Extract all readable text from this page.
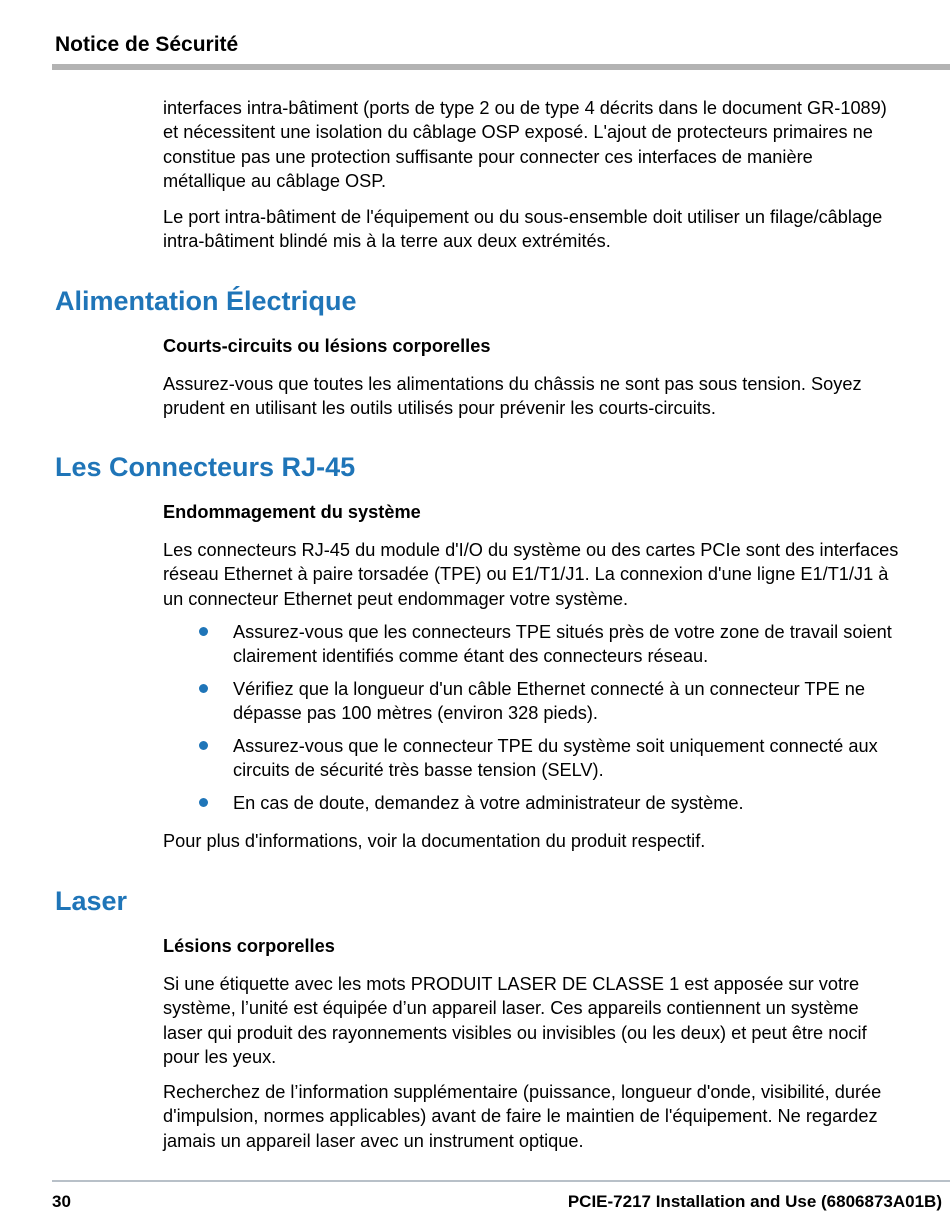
Notice de Sécurité

interfaces intra-bâtiment (ports de type 2 ou de type 4 décrits dans le document GR-1089)
et nécessitent une isolation du câblage OSP exposé. L'ajout de protecteurs primaires ne
constitue pas une protection suffisante pour connecter ces interfaces de manière
métallique au câblage OSP.

Le port intra-bâtiment de l'équipement ou du sous-ensemble doit utiliser un filage/câblage
intra-bâtiment blindé mis à la terre aux deux extrémités.

Alimentation Électrique
Courts-circuits ou lésions corporelles

Assurez-vous que toutes les alimentations du châssis ne sont pas sous tension. Soyez
prudent en utilisant les outils utilisés pour prévenir les courts-circuits.

Les Connecteurs RJ-45
Endommagement du système

Les connecteurs RJ-45 du module d'I/O du système ou des cartes PCIe sont des interfaces
réseau Ethernet à paire torsadée (TPE) ou E1/T1/J1. La connexion d'une ligne E1/T1/J1 à
un connecteur Ethernet peut endommager votre système.

Assurez-vous que les connecteurs TPE situés près de votre zone de travail soient
clairement identifiés comme étant des connecteurs réseau.

Vérifiez que la longueur d'un câble Ethernet connecté à un connecteur TPE ne
dépasse pas 100 mètres (environ 328 pieds).

Assurez-vous que le connecteur TPE du système soit uniquement connecté aux
circuits de sécurité très basse tension (SELV).

En cas de doute, demandez à votre administrateur de système.

Pour plus d'informations, voir la documentation du produit respectif.

Laser
Lésions corporelles

Si une étiquette avec les mots PRODUIT LASER DE CLASSE 1 est apposée sur votre
système, l’unité est équipée d’un appareil laser. Ces appareils contiennent un système
laser qui produit des rayonnements visibles ou invisibles (ou les deux) et peut être nocif
pour les yeux.

Recherchez de l’information supplémentaire (puissance, longueur d'onde, visibilité, durée
d'impulsion, normes applicables) avant de faire le maintien de l'équipement. Ne regardez
jamais un appareil laser avec un instrument optique.

30	PCIE-7217 Installation and Use (6806873A01B)
